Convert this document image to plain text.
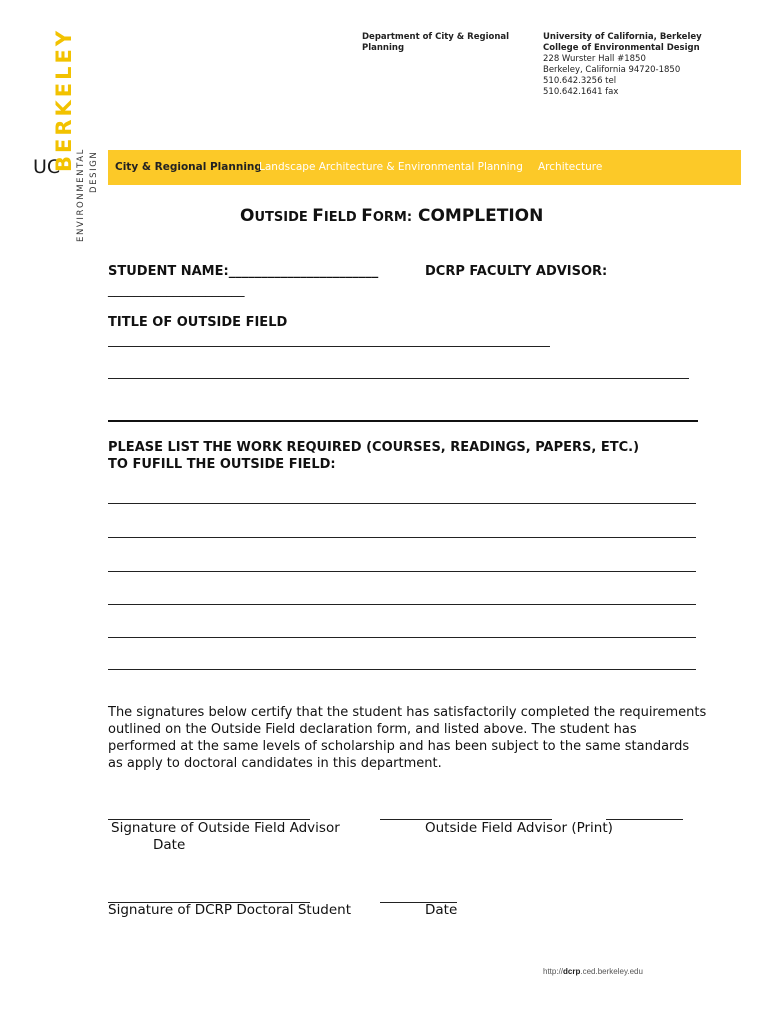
UC
BERKELEY
ENVIRONMENTAL DESIGN
Department of City & Regional
Planning
University of California, Berkeley
College of Environmental Design
228 Wurster Hall #1850
Berkeley, California 94720-1850
510.642.3256 tel
510.642.1641 fax
City & Regional Planning
Landscape Architecture & Environmental Planning Architecture
OUTSIDE FIELD FORM: COMPLETION
STUDENT NAME:_______________________	DCRP FACULTY ADVISOR:
_____________________
TITLE OF OUTSIDE FIELD
PLEASE LIST THE WORK REQUIRED (COURSES, READINGS, PAPERS, ETC.)
TO FUFILL THE OUTSIDE FIELD:
The signatures below certify that the student has satisfactorily completed the requirements outlined on the Outside Field declaration form, and listed above. The student has performed at the same levels of scholarship and has been subject to the same standards as apply to doctoral candidates in this department.
Signature of Outside Field Advisor	Outside Field Advisor (Print)
Date
Signature of DCRP Doctoral Student	Date
http://dcrp.ced.berkeley.edu
